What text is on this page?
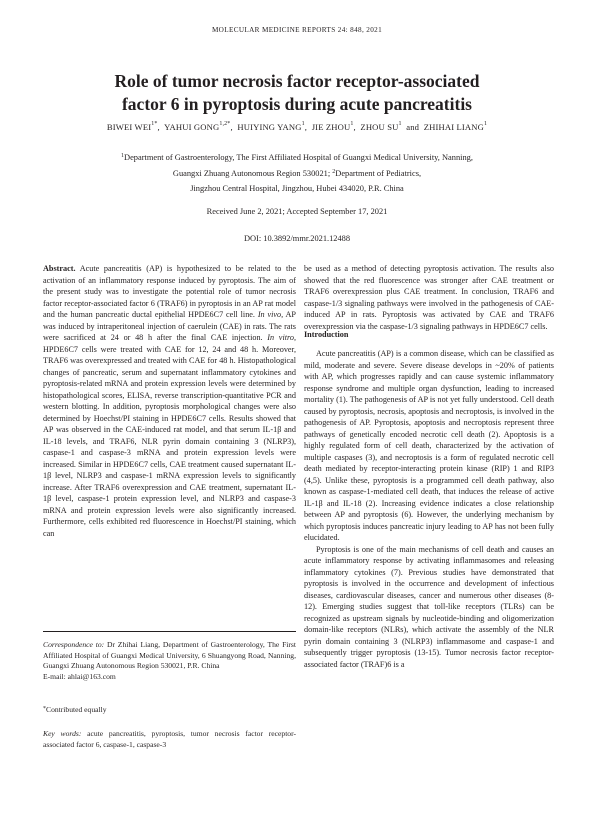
MOLECULAR MEDICINE REPORTS 24: 848, 2021
Role of tumor necrosis factor receptor-associated
factor 6 in pyroptosis during acute pancreatitis
BIWEI $WEI^{1*}$,  YAHUI $GONG^{1,2*}$,  HUIYING YANG$^1$,  JIE ZHOU$^1$,  ZHOU $SU^1$ and ZHIHAI LIANG$^1$
$^1$Department of Gastroenterology, The First Affiliated Hospital of Guangxi Medical University, Nanning,
Guangxi Zhuang Autonomous Region 530021; $^2$Department of Pediatrics,
Jingzhou Central Hospital, Jingzhou, Hubei 434020, P.R. China
Received June 2, 2021; Accepted September 17, 2021
DOI: 10.3892/mmr.2021.12488

Abstract. Acute pancreatitis (AP) is hypothesized to be related to the activation of an inflammatory response induced by pyroptosis. The aim of the present study was to investigate the potential role of tumor necrosis factor receptor-associated factor 6 (TRAF6) in pyroptosis in an AP rat model and the human pancreatic ductal epithelial HPDE6C7 cell line. In vivo, AP was induced by intraperitoneal injection of caerulein (CAE) in rats. The rats were sacrificed at 24 or 48 h after the final CAE injection. In vitro, HPDE6C7 cells were treated with CAE for 12, 24 and 48 h. Moreover, TRAF6 was overexpressed and treated with CAE for 48 h. Histopathological changes of pancreatic, serum and supernatant inflammatory cytokines and pyroptosis-related mRNA and protein expression levels were determined by histopathological scores, ELISA, reverse transcription-quantitative PCR and western blotting. In addition, pyroptosis morphological changes were also determined by Hoechst/PI staining in HPDE6C7 cells. Results showed that AP was observed in the CAE-induced rat model, and that serum IL-1β and IL-18 levels, and TRAF6, NLR pyrin domain containing 3 (NLRP3), caspase-1 and caspase-3 mRNA and protein expression levels were increased. Similar in HPDE6C7 cells, CAE treatment caused supernatant IL-1β level, NLRP3 and caspase-1 mRNA expression levels to significantly increase. After TRAF6 overexpression and CAE treatment, supernatant IL-1β level, caspase-1 protein expression level, and NLRP3 and caspase-3 mRNA and protein expression levels were also significantly increased. Furthermore, cells exhibited red fluorescence in Hoechst/PI staining, which can

be used as a method of detecting pyroptosis activation. The results also showed that the red fluorescence was stronger after CAE treatment or TRAF6 overexpression plus CAE treatment. In conclusion, TRAF6 and caspase-1/3 signaling pathways were involved in the pathogenesis of CAE-induced AP in rats. Pyroptosis was activated by CAE and TRAF6 overexpression via the caspase-1/3 signaling pathways in HPDE6C7 cells.

Introduction

Acute pancreatitis (AP) is a common disease, which can be classified as mild, moderate and severe. Severe disease develops in ~20% of patients with AP, which progresses rapidly and can cause systemic inflammatory response syndrome and multiple organ dysfunction, leading to increased mortality (1). The pathogenesis of AP is not yet fully understood. Cell death caused by pyroptosis, necrosis, apoptosis and necroptosis, is involved in the pathogenesis of AP. Pyroptosis, apoptosis and necroptosis represent three pathways of genetically encoded necrotic cell death (2). Apoptosis is a highly regulated form of cell death, characterized by the activation of multiple caspases (3), and necroptosis is a form of regulated necrotic cell death mediated by receptor-interacting protein kinase (RIP) 1 and RIP3 (4,5). Unlike these, pyroptosis is a programmed cell death pathway, also known as caspase-1-mediated cell death, that induces the release of active IL-1β and IL-18 (2). Increasing evidence indicates a close relationship between AP and pyroptosis (6). However, the underlying mechanism by which pyroptosis induces pancreatic injury leading to AP has not been fully elucidated.

Pyroptosis is one of the main mechanisms of cell death and causes an acute inflammatory response by activating inflammasomes and releasing inflammatory cytokines (7). Previous studies have demonstrated that pyroptosis is involved in the occurrence and development of infectious diseases, cardiovascular diseases, cancer and numerous other diseases (8-12). Emerging studies suggest that toll-like receptors (TLRs) can be recognized as upstream signals by nucleotide-binding and oligomerization domain-like receptors (NLRs), which activate the assembly of the NLR pyrin domain containing 3 (NLRP3) inflammasome and caspase-1 and subsequently trigger pyroptosis (13-15). Tumor necrosis factor receptor-associated factor (TRAF)6 is a

Correspondence to: Dr Zhihai Liang, Department of Gastroenterology, The First Affiliated Hospital of Guangxi Medical University, 6 Shuangyong Road, Nanning, Guangxi Zhuang Autonomous Region 530021, P.R. China
E-mail: ahlai@163.com
*Contributed equally
Key words: acute pancreatitis, pyroptosis, tumor necrosis factor receptor-associated factor 6, caspase-1, caspase-3
